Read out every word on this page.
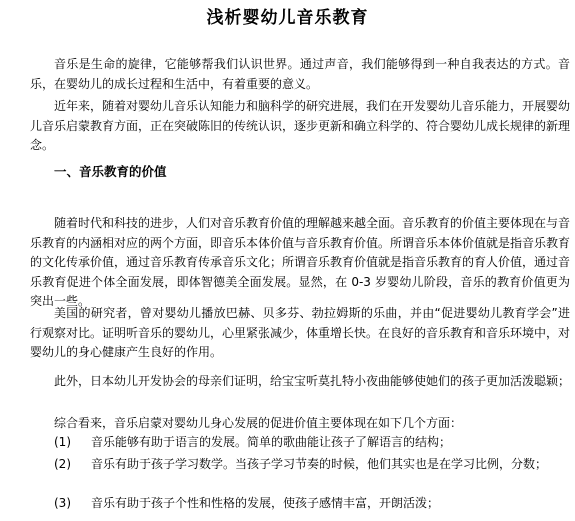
浅析婴幼儿音乐教育

音乐是生命的旋律，它能够帮我们认识世界。通过声音，我们能够得到一种自我表达的方式。音乐，在婴幼儿的成长过程和生活中，有着重要的意义。

近年来，随着对婴幼儿音乐认知能力和脑科学的研究进展，我们在开发婴幼儿音乐能力，开展婴幼儿音乐启蒙教育方面，正在突破陈旧的传统认识，逐步更新和确立科学的、符合婴幼儿成长规律的新理念。

一、音乐教育的价值

随着时代和科技的进步，人们对音乐教育价值的理解越来越全面。音乐教育的价值主要体现在与音乐教育的内涵相对应的两个方面，即音乐本体价值与音乐教育价值。所谓音乐本体价值就是指音乐教育的文化传承价值，通过音乐教育传承音乐文化；所谓音乐教育价值就是指音乐教育的育人价值，通过音乐教育促进个体全面发展，即体智德美全面发展。显然，在 0-3 岁婴幼儿阶段，音乐的教育价值更为突出一些。

美国的研究者，曾对婴幼儿播放巴赫、贝多芬、勃拉姆斯的乐曲，并由“促进婴幼儿教育学会”进行观察对比。证明听音乐的婴幼儿，心里紧张减少，体重增长快。在良好的音乐教育和音乐环境中，对婴幼儿的身心健康产生良好的作用。

此外，日本幼儿开发协会的母亲们证明，给宝宝听莫扎特小夜曲能够使她们的孩子更加活泼聪颖；

综合看来，音乐启蒙对婴幼儿身心发展的促进价值主要体现在如下几个方面：

(1)	音乐能够有助于语言的发展。简单的歌曲能让孩子了解语言的结构；
(2)	音乐有助于孩子学习数学。当孩子学习节奏的时候，他们其实也是在学习比例，分数；
(3)	音乐有助于孩子个性和性格的发展，使孩子感情丰富，开朗活泼；
